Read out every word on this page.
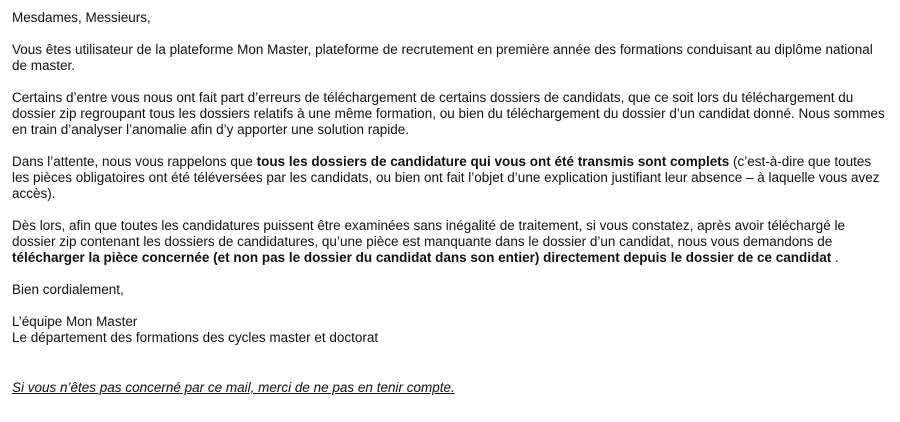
Mesdames, Messieurs,

Vous êtes utilisateur de la plateforme Mon Master, plateforme de recrutement en première année des formations conduisant au diplôme national de master.

Certains d’entre vous nous ont fait part d’erreurs de téléchargement de certains dossiers de candidats, que ce soit lors du téléchargement du dossier zip regroupant tous les dossiers relatifs à une même formation, ou bien du téléchargement du dossier d’un candidat donné. Nous sommes en train d’analyser l’anomalie afin d’y apporter une solution rapide.

Dans l’attente, nous vous rappelons que tous les dossiers de candidature qui vous ont été transmis sont complets (c’est-à-dire que toutes les pièces obligatoires ont été téléversées par les candidats, ou bien ont fait l’objet d’une explication justifiant leur absence – à laquelle vous avez accès).

Dès lors, afin que toutes les candidatures puissent être examinées sans inégalité de traitement, si vous constatez, après avoir téléchargé le dossier zip contenant les dossiers de candidatures, qu’une pièce est manquante dans le dossier d’un candidat, nous vous demandons de télécharger la pièce concernée (et non pas le dossier du candidat dans son entier) directement depuis le dossier de ce candidat .

Bien cordialement,

L’équipe Mon Master
Le département des formations des cycles master et doctorat
Si vous n’êtes pas concerné par ce mail, merci de ne pas en tenir compte.
